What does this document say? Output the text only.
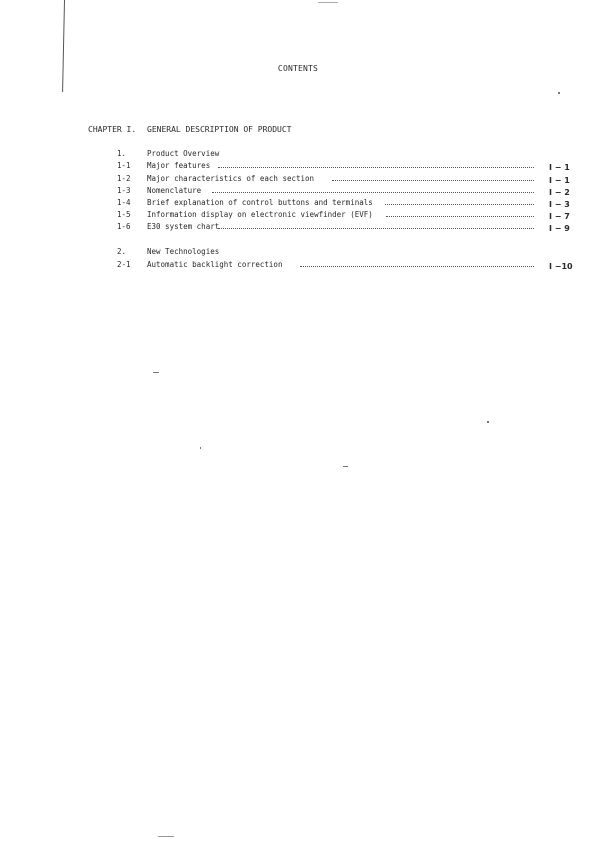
CONTENTS
CHAPTER I. GENERAL DESCRIPTION OF PRODUCT
1.	Product Overview
1-1 Major features	I − 1
1-2 Major characteristics of each section	I − 1
1-3 Nomenclature	I − 2
1-4 Brief explanation of control buttons and terminals	I − 3
1-5 Information display on electronic viewfinder (EVF)	I − 7
1-6 E30 system chart	I − 9
2.	New Technologies
2-1 Automatic backlight correction	I −10
